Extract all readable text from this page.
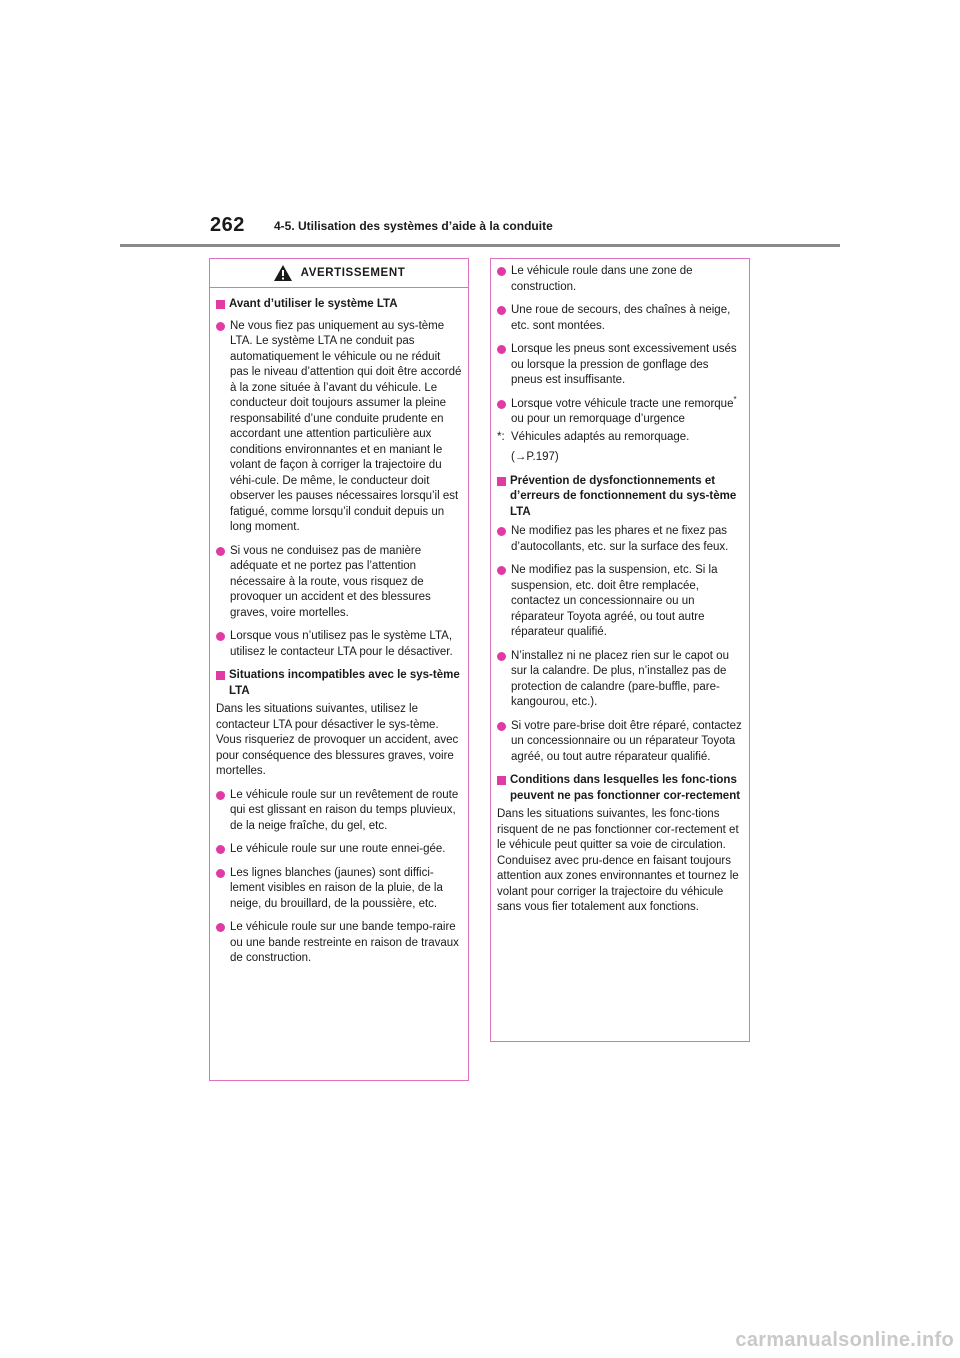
262 4-5. Utilisation des systèmes d’aide à la conduite
AVERTISSEMENT
Avant d’utiliser le système LTA
Ne vous fiez pas uniquement au sys-tème LTA. Le système LTA ne conduit pas automatiquement le véhicule ou ne réduit pas le niveau d’attention qui doit être accordé à la zone située à l’avant du véhicule. Le conducteur doit toujours assumer la pleine responsabilité d’une conduite prudente en accordant une attention particulière aux conditions environnantes et en maniant le volant de façon à corriger la trajectoire du véhi-cule. De même, le conducteur doit observer les pauses nécessaires lorsqu’il est fatigué, comme lorsqu’il conduit depuis un long moment.
Si vous ne conduisez pas de manière adéquate et ne portez pas l’attention nécessaire à la route, vous risquez de provoquer un accident et des blessures graves, voire mortelles.
Lorsque vous n’utilisez pas le système LTA, utilisez le contacteur LTA pour le désactiver.
Situations incompatibles avec le sys-tème LTA
Dans les situations suivantes, utilisez le contacteur LTA pour désactiver le sys-tème. Vous risqueriez de provoquer un accident, avec pour conséquence des blessures graves, voire mortelles.
Le véhicule roule sur un revêtement de route qui est glissant en raison du temps pluvieux, de la neige fraîche, du gel, etc.
Le véhicule roule sur une route ennei-gée.
Les lignes blanches (jaunes) sont diffici-lement visibles en raison de la pluie, de la neige, du brouillard, de la poussière, etc.
Le véhicule roule sur une bande tempo-raire ou une bande restreinte en raison de travaux de construction.
Le véhicule roule dans une zone de construction.
Une roue de secours, des chaînes à neige, etc. sont montées.
Lorsque les pneus sont excessivement usés ou lorsque la pression de gonflage des pneus est insuffisante.
Lorsque votre véhicule tracte une remorque* ou pour un remorquage d’urgence
*: Véhicules adaptés au remorquage.
(→P.197)
Prévention de dysfonctionnements et d’erreurs de fonctionnement du sys-tème LTA
Ne modifiez pas les phares et ne fixez pas d’autocollants, etc. sur la surface des feux.
Ne modifiez pas la suspension, etc. Si la suspension, etc. doit être remplacée, contactez un concessionnaire ou un réparateur Toyota agréé, ou tout autre réparateur qualifié.
N’installez ni ne placez rien sur le capot ou sur la calandre. De plus, n’installez pas de protection de calandre (pare-buffle, pare-kangourou, etc.).
Si votre pare-brise doit être réparé, contactez un concessionnaire ou un réparateur Toyota agréé, ou tout autre réparateur qualifié.
Conditions dans lesquelles les fonc-tions peuvent ne pas fonctionner cor-rectement
Dans les situations suivantes, les fonc-tions risquent de ne pas fonctionner cor-rectement et le véhicule peut quitter sa voie de circulation. Conduisez avec pru-dence en faisant toujours attention aux zones environnantes et tournez le volant pour corriger la trajectoire du véhicule sans vous fier totalement aux fonctions.
carmanualsonline.info
